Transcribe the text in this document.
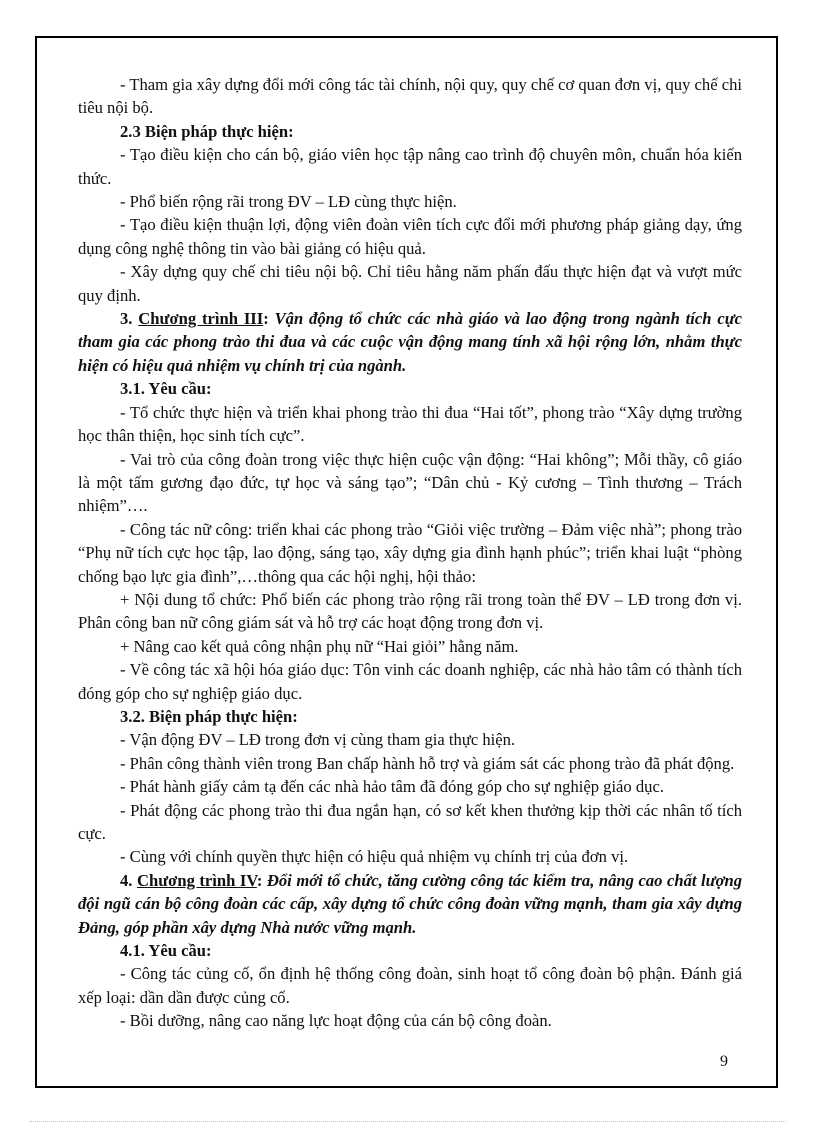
- Tham gia xây dựng đổi mới công tác tài chính, nội quy, quy chế cơ quan đơn vị, quy chế chi tiêu nội bộ.

2.3 Biện pháp thực hiện:

- Tạo điều kiện cho cán bộ, giáo viên học tập nâng cao trình độ chuyên môn, chuẩn hóa kiến thức.

- Phổ biến rộng rãi trong ĐV – LĐ cùng thực hiện.

- Tạo điều kiện thuận lợi, động viên đoàn viên tích cực đổi mới phương pháp giảng dạy, ứng dụng công nghệ thông tin vào bài giảng có hiệu quả.

- Xây dựng quy chế chi tiêu nội bộ. Chỉ tiêu hằng năm phấn đấu thực hiện đạt và vượt mức quy định.

3. Chương trình III: Vận động tổ chức các nhà giáo và lao động trong ngành tích cực tham gia các phong trào thi đua và các cuộc vận động mang tính xã hội rộng lớn, nhằm thực hiện có hiệu quả nhiệm vụ chính trị của ngành.

3.1. Yêu cầu:

- Tổ chức thực hiện và triển khai phong trào thi đua “Hai tốt”, phong trào “Xây dựng trường học thân thiện, học sinh tích cực”.

- Vai trò của công đoàn trong việc thực hiện cuộc vận động: “Hai không”; Mỗi thầy, cô giáo là một tấm gương đạo đức, tự học và sáng tạo”; “Dân chủ - Kỷ cương – Tình thương – Trách nhiệm”….

- Công tác nữ công: triển khai các phong trào “Giỏi việc trường – Đảm việc nhà”; phong trào “Phụ nữ tích cực học tập, lao động, sáng tạo, xây dựng gia đình hạnh phúc”; triển khai luật “phòng chống bạo lực gia đình”,…thông qua các hội nghị, hội thảo:

+ Nội dung tổ chức: Phổ biến các phong trào rộng rãi trong toàn thể ĐV – LĐ trong đơn vị. Phân công ban nữ công giám sát và hỗ trợ các hoạt động trong đơn vị.

+ Nâng cao kết quả công nhận phụ nữ “Hai giỏi” hằng năm.

- Về công tác xã hội hóa giáo dục: Tôn vinh các doanh nghiệp, các nhà hảo tâm có thành tích đóng góp cho sự nghiệp giáo dục.

3.2. Biện pháp thực hiện:

- Vận động ĐV – LĐ trong đơn vị cùng tham gia thực hiện.

- Phân công thành viên trong Ban chấp hành hỗ trợ và giám sát các phong trào đã phát động.

- Phát hành giấy cảm tạ đến các nhà hảo tâm đã đóng góp cho sự nghiệp giáo dục.

- Phát động các phong trào thi đua ngắn hạn, có sơ kết khen thưởng kịp thời các nhân tố tích cực.

- Cùng với chính quyền thực hiện có hiệu quả nhiệm vụ chính trị của đơn vị.

4. Chương trình IV: Đổi mới tổ chức, tăng cường công tác kiểm tra, nâng cao chất lượng đội ngũ cán bộ công đoàn các cấp, xây dựng tổ chức công đoàn vững mạnh, tham gia xây dựng Đảng, góp phần xây dựng Nhà nước vững mạnh.

4.1. Yêu cầu:

- Công tác củng cố, ổn định hệ thống công đoàn, sinh hoạt tổ công đoàn bộ phận. Đánh giá xếp loại: dần dần được củng cố.

- Bồi dưỡng, nâng cao năng lực hoạt động của cán bộ công đoàn.

9
